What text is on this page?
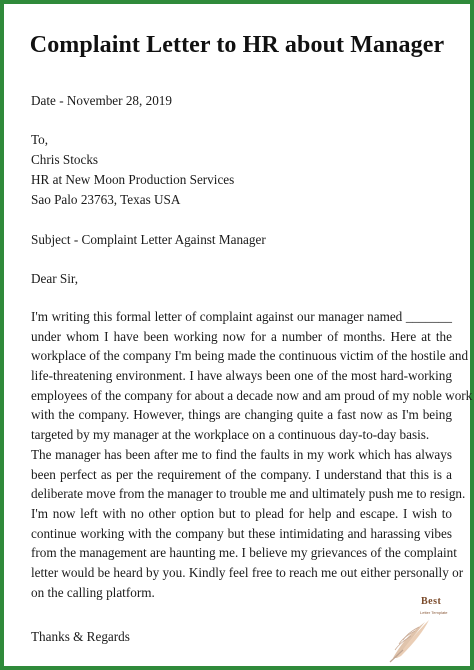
Complaint Letter to HR about Manager
Date - November 28, 2019
To,
Chris Stocks
HR at New Moon Production Services
Sao Palo 23763, Texas USA
Subject - Complaint Letter Against Manager
Dear Sir,
I'm writing this formal letter of complaint against our manager named _______
under whom I have been working now for a number of months. Here at the
workplace of the company I'm being made the continuous victim of the hostile and
life-threatening environment. I have always been one of the most hard-working
employees of the company for about a decade now and am proud of my noble work
with the company. However, things are changing quite a fast now as I'm being
targeted by my manager at the workplace on a continuous day-to-day basis.
The manager has been after me to find the faults in my work which has always
been perfect as per the requirement of the company. I understand that this is a
deliberate move from the manager to trouble me and ultimately push me to resign.
I'm now left with no other option but to plead for help and escape. I wish to
continue working with the company but these intimidating and harassing vibes
from the management are haunting me. I believe my grievances of the complaint
letter would be heard by you. Kindly feel free to reach me out either personally or
on the calling platform.
Thanks & Regards
Best
Letter Template
